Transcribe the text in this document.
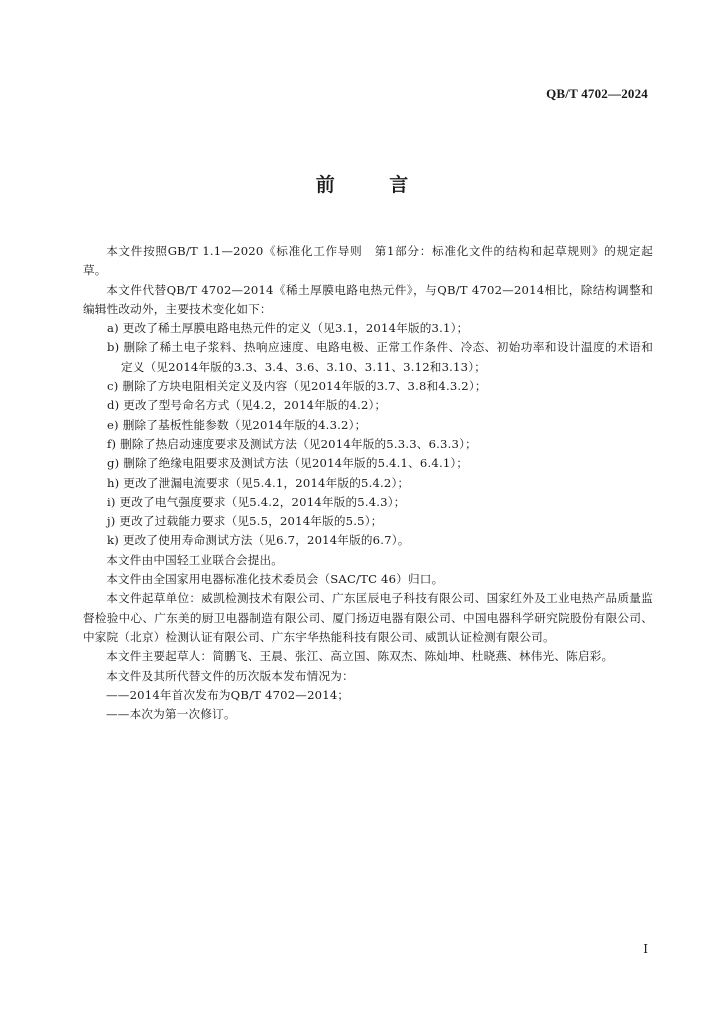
QB/T 4702—2024
前 言

本文件按照GB/T 1.1—2020《标准化工作导则　第1部分：标准化文件的结构和起草规则》的规定起草。

本文件代替QB/T 4702—2014《稀土厚膜电路电热元件》，与QB/T 4702—2014相比，除结构调整和编辑性改动外，主要技术变化如下：

a) 更改了稀土厚膜电路电热元件的定义（见3.1，2014年版的3.1）；

b) 删除了稀土电子浆料、热响应速度、电路电极、正常工作条件、冷态、初始功率和设计温度的术语和定义（见2014年版的3.3、3.4、3.6、3.10、3.11、3.12和3.13）；

c) 删除了方块电阻相关定义及内容（见2014年版的3.7、3.8和4.3.2）；

d) 更改了型号命名方式（见4.2，2014年版的4.2）；

e) 删除了基板性能参数（见2014年版的4.3.2）；

f) 删除了热启动速度要求及测试方法（见2014年版的5.3.3、6.3.3）；

g) 删除了绝缘电阻要求及测试方法（见2014年版的5.4.1、6.4.1）；

h) 更改了泄漏电流要求（见5.4.1，2014年版的5.4.2）；

i) 更改了电气强度要求（见5.4.2，2014年版的5.4.3）；

j) 更改了过载能力要求（见5.5，2014年版的5.5）；

k) 更改了使用寿命测试方法（见6.7，2014年版的6.7）。

本文件由中国轻工业联合会提出。

本文件由全国家用电器标准化技术委员会（SAC/TC 46）归口。

本文件起草单位：威凯检测技术有限公司、广东匡辰电子科技有限公司、国家红外及工业电热产品质量监督检验中心、广东美的厨卫电器制造有限公司、厦门扬迈电器有限公司、中国电器科学研究院股份有限公司、中家院（北京）检测认证有限公司、广东宇华热能科技有限公司、威凯认证检测有限公司。

本文件主要起草人：简鹏飞、王晨、张江、高立国、陈双杰、陈灿坤、杜晓燕、林伟光、陈启彩。

本文件及其所代替文件的历次版本发布情况为：

——2014年首次发布为QB/T 4702—2014；

——本次为第一次修订。

I
